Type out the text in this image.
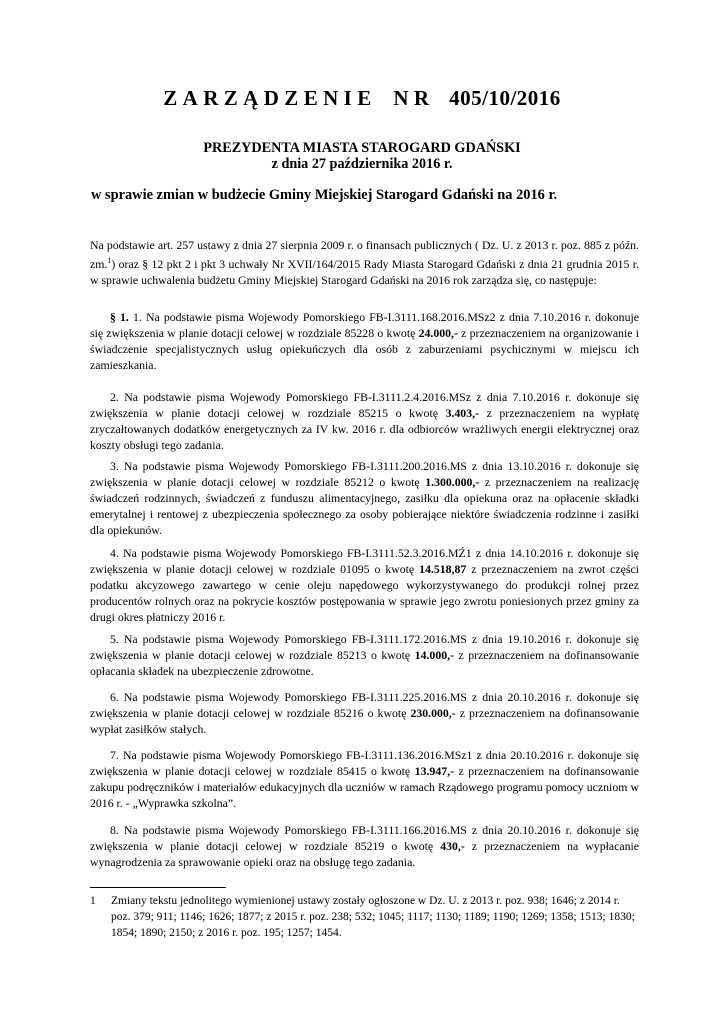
ZARZĄDZENIE NR 405/10/2016
PREZYDENTA MIASTA STAROGARD GDAŃSKI
z dnia 27 października 2016 r.
w sprawie zmian w budżecie Gminy Miejskiej Starogard Gdański na 2016 r.
Na podstawie art. 257 ustawy z dnia 27 sierpnia 2009 r. o finansach publicznych ( Dz. U. z 2013 r. poz. 885 z późn. zm.$^1$) oraz § 12 pkt 2 i pkt 3 uchwały Nr XVII/164/2015 Rady Miasta Starogard Gdański z dnia 21 grudnia 2015 r. w sprawie uchwalenia budżetu Gminy Miejskiej Starogard Gdański na 2016 rok zarządza się, co następuje:
§ 1. 1. Na podstawie pisma Wojewody Pomorskiego FB-I.3111.168.2016.MSz2 z dnia 7.10.2016 r. dokonuje się zwiększenia w planie dotacji celowej w rozdziale 85228 o kwotę 24.000,- z przeznaczeniem na organizowanie i świadczenie specjalistycznych usług opiekuńczych dla osób z zaburzeniami psychicznymi w miejscu ich zamieszkania.
2. Na podstawie pisma Wojewody Pomorskiego FB-I.3111.2.4.2016.MSz z dnia 7.10.2016 r. dokonuje się zwiększenia w planie dotacji celowej w rozdziale 85215 o kwotę 3.403,- z przeznaczeniem na wypłatę zryczałtowanych dodatków energetycznych za IV kw. 2016 r. dla odbiorców wrażliwych energii elektrycznej oraz koszty obsługi tego zadania.
3. Na podstawie pisma Wojewody Pomorskiego FB-I.3111.200.2016.MS z dnia 13.10.2016 r. dokonuje się zwiększenia w planie dotacji celowej w rozdziale 85212 o kwotę 1.300.000,- z przeznaczeniem na realizację świadczeń rodzinnych, świadczeń z funduszu alimentacyjnego, zasiłku dla opiekuna oraz na opłacenie składki emerytalnej i rentowej z ubezpieczenia społecznego za osoby pobierające niektóre świadczenia rodzinne i zasiłki dla opiekunów.
4. Na podstawie pisma Wojewody Pomorskiego FB-I.3111.52.3.2016.MŹ1 z dnia 14.10.2016 r. dokonuje się zwiększenia w planie dotacji celowej w rozdziale 01095 o kwotę 14.518,87 z przeznaczeniem na zwrot części podatku akcyzowego zawartego w cenie oleju napędowego wykorzystywanego do produkcji rolnej przez producentów rolnych oraz na pokrycie kosztów postępowania w sprawie jego zwrotu poniesionych przez gminy za drugi okres płatniczy 2016 r.
5. Na podstawie pisma Wojewody Pomorskiego FB-I.3111.172.2016.MS z dnia 19.10.2016 r. dokonuje się zwiększenia w planie dotacji celowej w rozdziale 85213 o kwotę 14.000,- z przeznaczeniem na dofinansowanie opłacania składek na ubezpieczenie zdrowotne.
6. Na podstawie pisma Wojewody Pomorskiego FB-I.3111.225.2016.MS z dnia 20.10.2016 r. dokonuje się zwiększenia w planie dotacji celowej w rozdziale 85216 o kwotę 230.000,- z przeznaczeniem na dofinansowanie wypłat zasiłków stałych.
7. Na podstawie pisma Wojewody Pomorskiego FB-I.3111.136.2016.MSz1 z dnia 20.10.2016 r. dokonuje się zwiększenia w planie dotacji celowej w rozdziale 85415 o kwotę 13.947,- z przeznaczeniem na dofinansowanie zakupu podręczników i materiałów edukacyjnych dla uczniów w ramach Rządowego programu pomocy uczniom w 2016 r. - „Wyprawka szkolna”.
8. Na podstawie pisma Wojewody Pomorskiego FB-I.3111.166.2016.MS z dnia 20.10.2016 r. dokonuje się zwiększenia w planie dotacji celowej w rozdziale 85219 o kwotę 430,- z przeznaczeniem na wypłacanie wynagrodzenia za sprawowanie opieki oraz na obsługę tego zadania.
1 Zmiany tekstu jednolitego wymienionej ustawy zostały ogłoszone w Dz. U. z 2013 r. poz. 938; 1646; z 2014 r. poz. 379; 911; 1146; 1626; 1877; z 2015 r. poz. 238; 532; 1045; 1117; 1130; 1189; 1190; 1269; 1358; 1513; 1830; 1854; 1890; 2150; z 2016 r. poz. 195; 1257; 1454.
